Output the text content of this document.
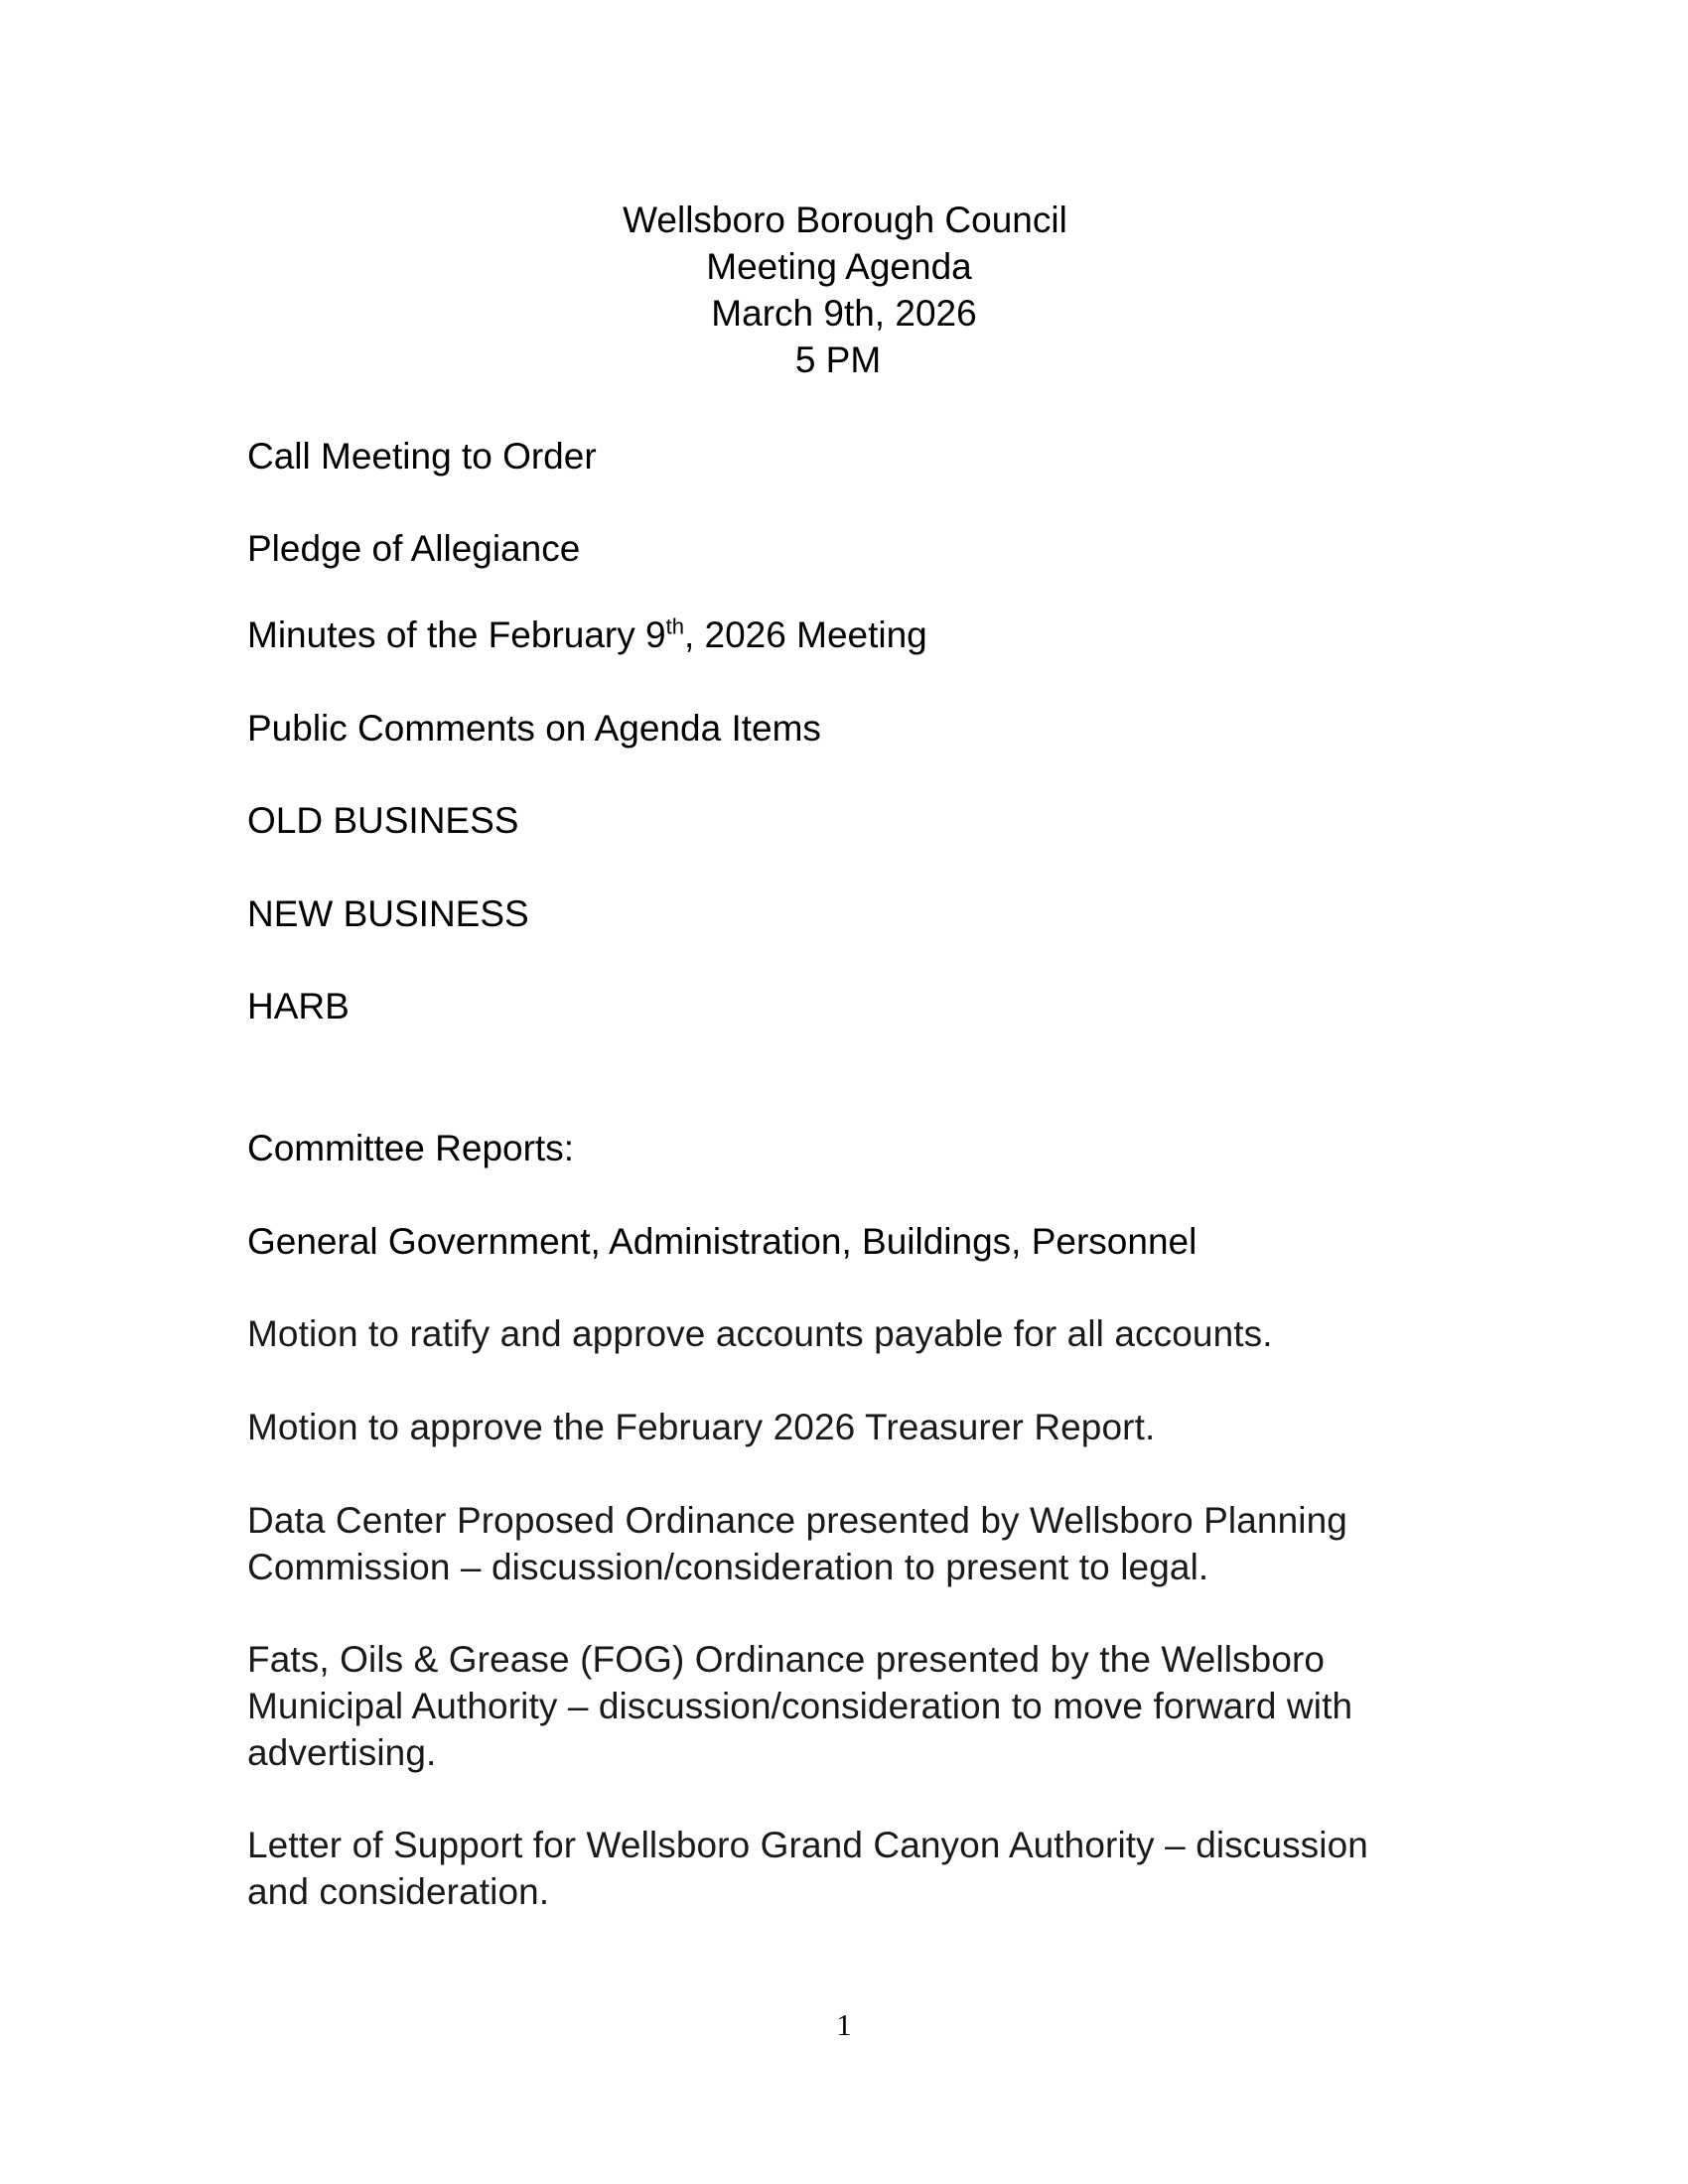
Wellsboro Borough Council
Meeting Agenda
March 9th, 2026
5 PM
Call Meeting to Order
Pledge of Allegiance
Minutes of the February 9th, 2026 Meeting
Public Comments on Agenda Items
OLD BUSINESS
NEW BUSINESS
HARB
Committee Reports:
General Government, Administration, Buildings, Personnel
Motion to ratify and approve accounts payable for all accounts.
Motion to approve the February 2026 Treasurer Report.
Data Center Proposed Ordinance presented by Wellsboro Planning
Commission – discussion/consideration to present to legal.
Fats, Oils & Grease (FOG) Ordinance presented by the Wellsboro
Municipal Authority – discussion/consideration to move forward with
advertising.
Letter of Support for Wellsboro Grand Canyon Authority – discussion
and consideration.
1
